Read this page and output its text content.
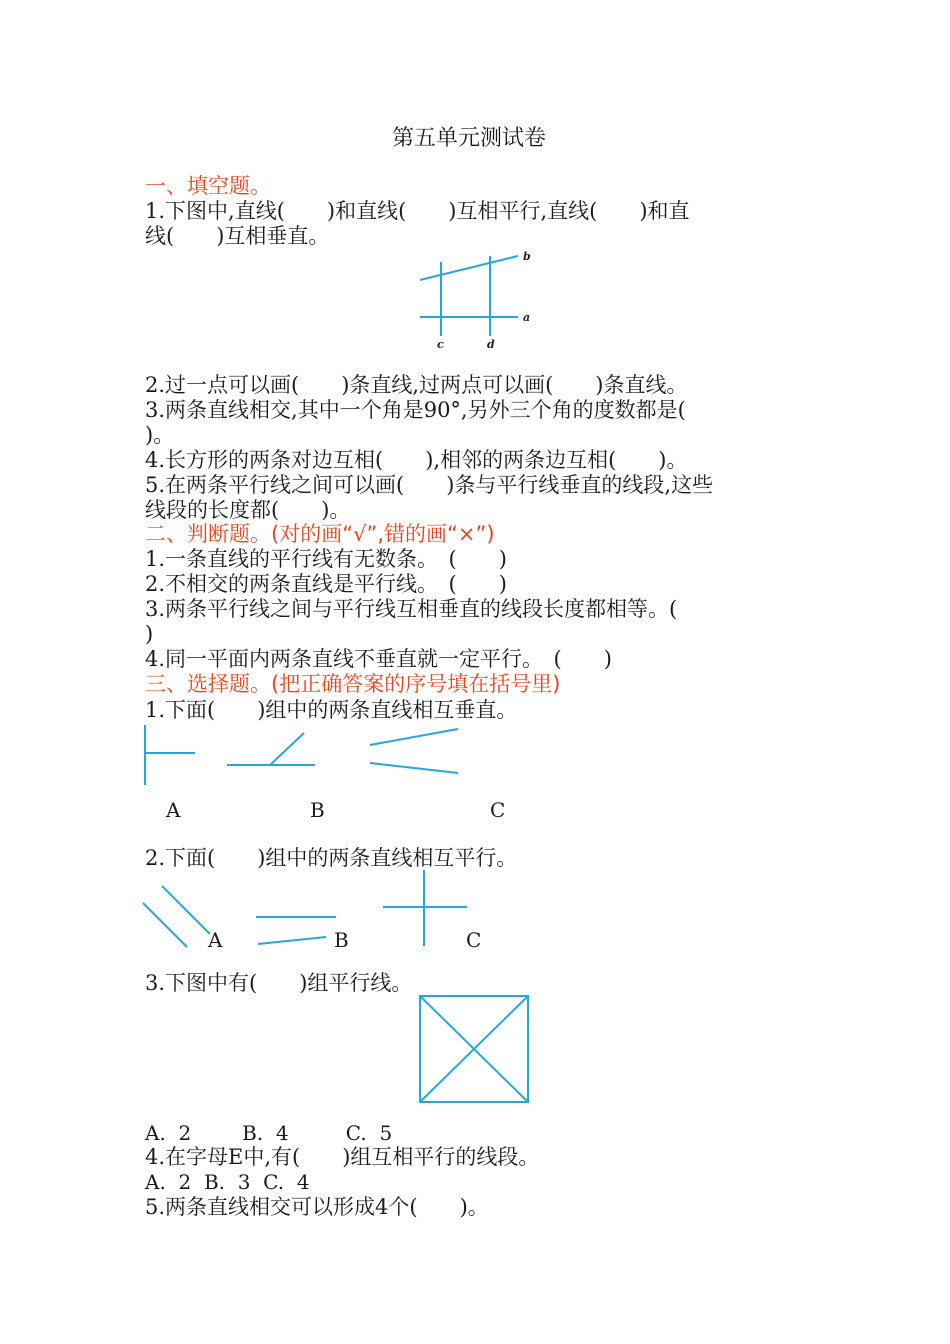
第五单元测试卷
一、填空题。
1.下图中,直线(　　)和直线(　　)互相平行,直线(　　)和直
线(　　)互相垂直。
b
a
c	d
2.过一点可以画(　　)条直线,过两点可以画(　　)条直线。
3.两条直线相交,其中一个角是90°,另外三个角的度数都是(
)。
4.长方形的两条对边互相(　　),相邻的两条边互相(　　)。
5.在两条平行线之间可以画(　　)条与平行线垂直的线段,这些
线段的长度都(　　)。
二、判断题。(对的画“√”,错的画“×”)
1.一条直线的平行线有无数条。　(　　)
2.不相交的两条直线是平行线。　(　　)
3.两条平行线之间与平行线互相垂直的线段长度都相等。(
)
4.同一平面内两条直线不垂直就一定平行。　(　　)
三、选择题。(把正确答案的序号填在括号里)
1.下面(　　)组中的两条直线相互垂直。
A	B	C
2.下面(　　)组中的两条直线相互平行。
A	B	C
3.下图中有(　　)组平行线。
A.  2        B.  4         C.  5
4.在字母E中,有(　　)组互相平行的线段。
A.  2  B.  3  C.  4
5.两条直线相交可以形成4个(　　)。
